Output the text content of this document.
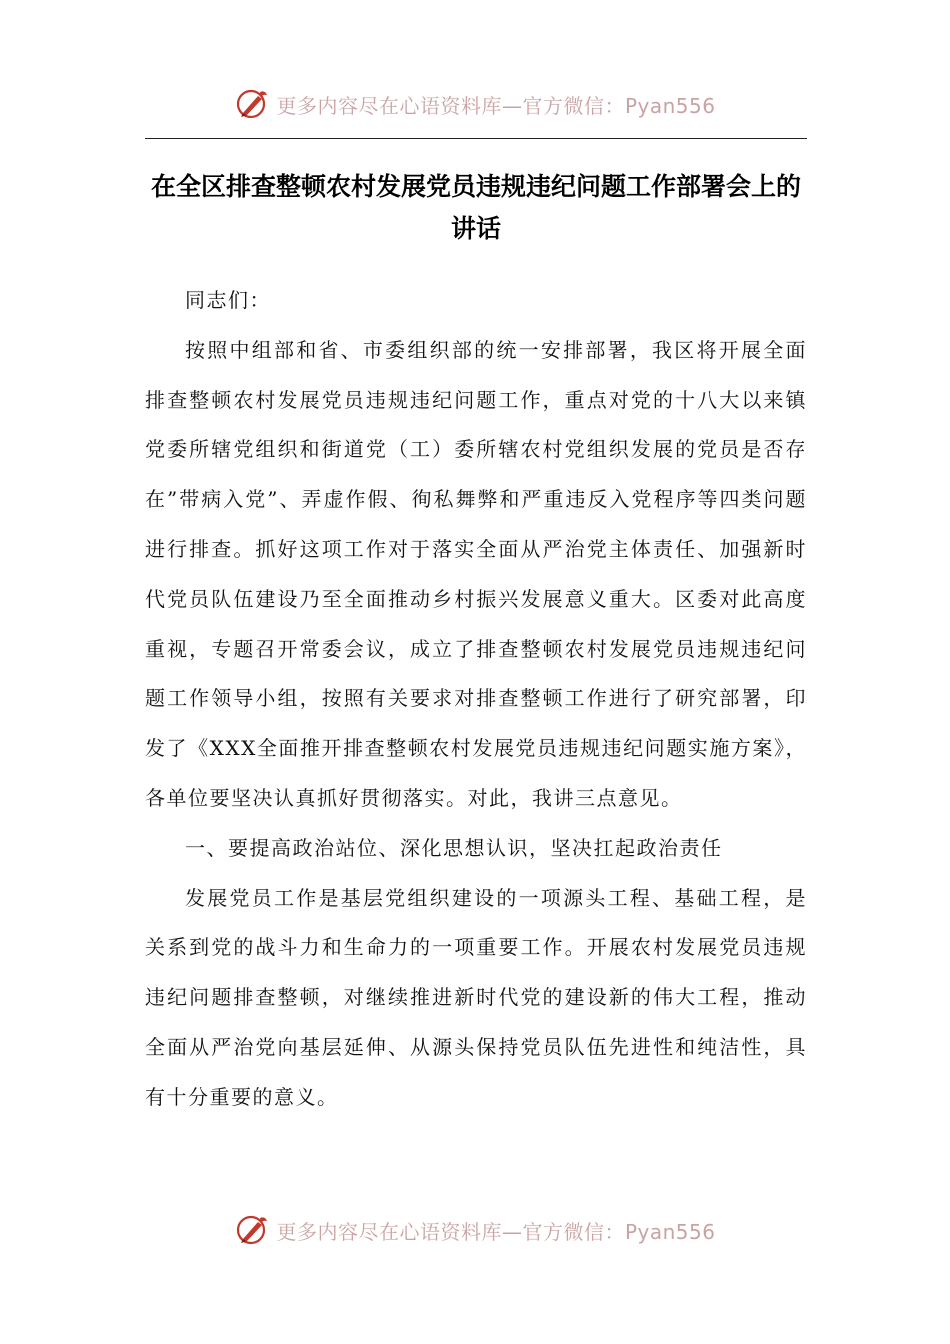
更多内容尽在心语资料库—官方微信：Pyan556
在全区排查整顿农村发展党员违规违纪问题工作部署会上的讲话

同志们：

按照中组部和省、市委组织部的统一安排部署，我区将开展全面排查整顿农村发展党员违规违纪问题工作，重点对党的十八大以来镇党委所辖党组织和街道党（工）委所辖农村党组织发展的党员是否存在”带病入党”、弄虚作假、徇私舞弊和严重违反入党程序等四类问题进行排查。抓好这项工作对于落实全面从严治党主体责任、加强新时代党员队伍建设乃至全面推动乡村振兴发展意义重大。区委对此高度重视，专题召开常委会议，成立了排查整顿农村发展党员违规违纪问题工作领导小组，按照有关要求对排查整顿工作进行了研究部署，印发了《XXX全面推开排查整顿农村发展党员违规违纪问题实施方案》，各单位要坚决认真抓好贯彻落实。对此，我讲三点意见。

一、要提高政治站位、深化思想认识，坚决扛起政治责任

发展党员工作是基层党组织建设的一项源头工程、基础工程，是关系到党的战斗力和生命力的一项重要工作。开展农村发展党员违规违纪问题排查整顿，对继续推进新时代党的建设新的伟大工程，推动全面从严治党向基层延伸、从源头保持党员队伍先进性和纯洁性，具有十分重要的意义。

更多内容尽在心语资料库—官方微信：Pyan556
